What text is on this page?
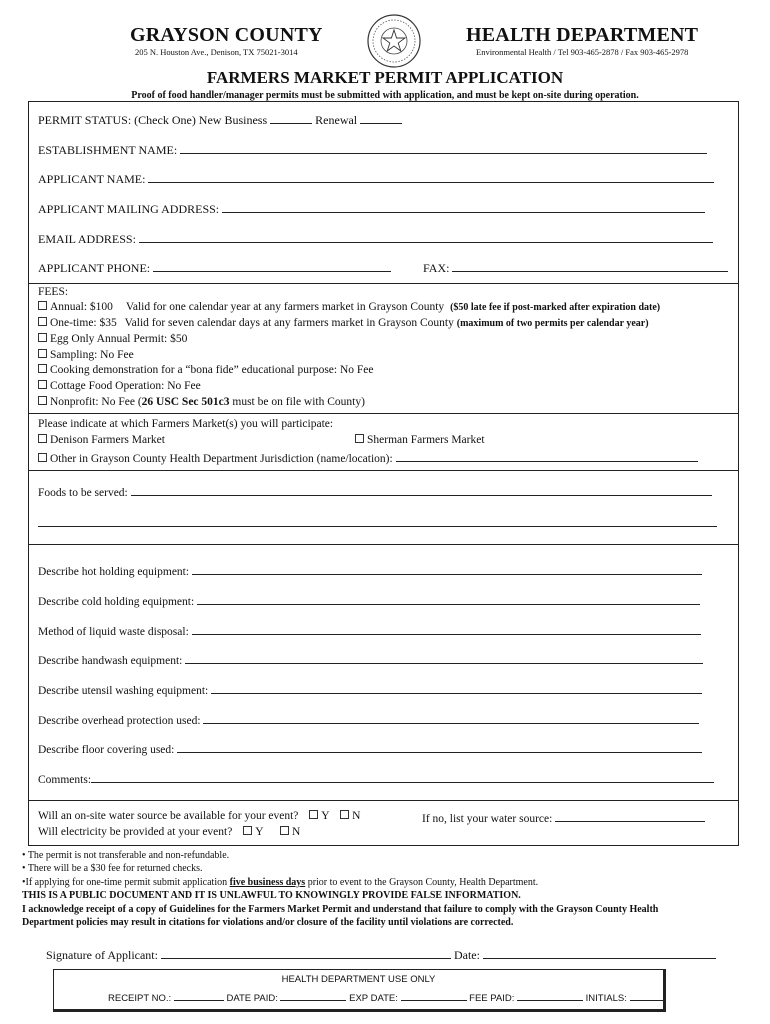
GRAYSON COUNTY
205 N. Houston Ave., Denison, TX 75021-3014
HEALTH DEPARTMENT
Environmental Health / Tel 903-465-2878 / Fax 903-465-2978
FARMERS MARKET PERMIT APPLICATION
Proof of food handler/manager permits must be submitted with application, and must be kept on-site during operation.
PERMIT STATUS: (Check One) New Business	Renewal
ESTABLISHMENT NAME:
APPLICANT NAME:
APPLICANT MAILING ADDRESS:
EMAIL ADDRESS:
APPLICANT PHONE:	FAX:
FEES:
Annual: $100 Valid for one calendar year at any farmers market in Grayson County ($50 late fee if post-marked after expiration date)
One-time: $35 Valid for seven calendar days at any farmers market in Grayson County (maximum of two permits per calendar year)
Egg Only Annual Permit: $50
Sampling: No Fee
Cooking demonstration for a “bona fide” educational purpose: No Fee
Cottage Food Operation: No Fee
Nonprofit: No Fee (26 USC Sec 501c3 must be on file with County)
Please indicate at which Farmers Market(s) you will participate:
Denison Farmers Market	Sherman Farmers Market
Other in Grayson County Health Department Jurisdiction (name/location):
Foods to be served:
Describe hot holding equipment:
Describe cold holding equipment:
Method of liquid waste disposal:
Describe handwash equipment:
Describe utensil washing equipment:
Describe overhead protection used:
Describe floor covering used:
Comments:
Will an on-site water source be available for your event? Y N	If no, list your water source:
Will electricity be provided at your event? Y	N
• The permit is not transferable and non-refundable.
• There will be a $30 fee for returned checks.
•If applying for one-time permit submit application five business days prior to event to the Grayson County, Health Department.
THIS IS A PUBLIC DOCUMENT AND IT IS UNLAWFUL TO KNOWINGLY PROVIDE FALSE INFORMATION.
I acknowledge receipt of a copy of Guidelines for the Farmers Market Permit and understand that failure to comply with the Grayson County Health
Department policies may result in citations for violations and/or closure of the facility until violations are corrected.
Signature of Applicant:	Date:
HEALTH DEPARTMENT USE ONLY
RECEIPT NO.:	DATE PAID:	EXP DATE:	FEE PAID:	INITIALS:
